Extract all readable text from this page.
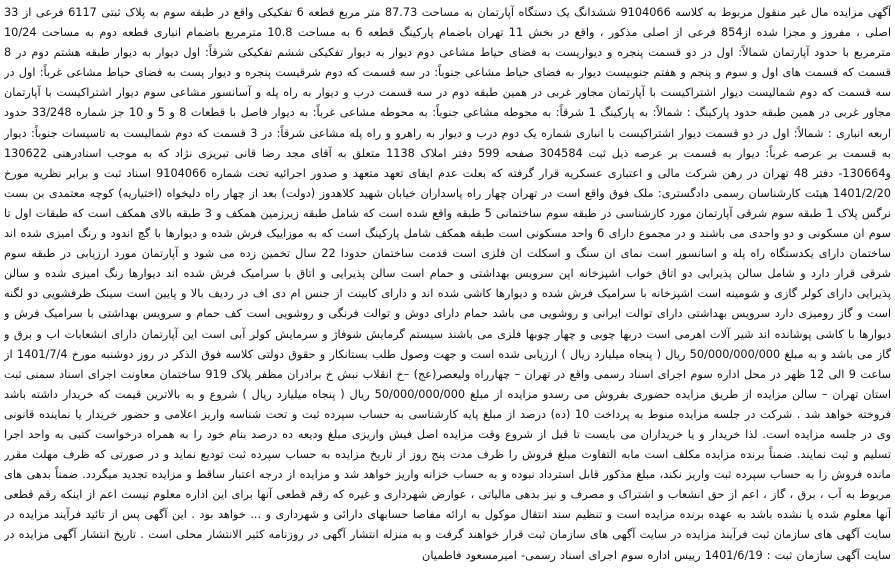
آگهی مزایده مال غیر منقول مربوط به کلاسه 9104066 ششدانگ یک دستگاه آپارتمان به مساحت 87.73 متر مربع قطعه 6 تفکیکی واقع در طبقه سوم به پلاک ثبتی 6117 فرعی از 33 اصلی ، مفروز و مجزا شده از854 فرعی از اصلی مذکور ، واقع در بخش 11 تهران باضمام پارکینگ قطعه 6 به مساحت 10.8 مترمربع باضمام انباری قطعه دوم به مساحت 10/24 مترمربع با حدود آپارتمان شمالاً: اول در دو قسمت پنجره و دیواریست به فضای حیاط مشاعی دوم دیوار به دیوار تفکیکی ششم تفکیکی شرقاً: اول دیوار به دیوار طبقه هشتم دوم در 8 قسمت که قسمت های اول و سوم و پنجم و هفتم جنوبیست دیوار به فضای حیاط مشاعی جنوباً: در سه قسمت که دوم شرقیست پنجره و دیوار پست به فضای حیاط مشاعی غرباً: اول در سه قسمت که دوم شمالیست دیوار اشتراکیست با آپارتمان مجاور غربی در همین طبقه دوم در سه قسمت درب و دیوار به راه پله و آسانسور مشاعی سوم دیوار اشتراکیست با آپارتمان مجاور غربی در همین طبقه حدود پارکینگ : شمالاً: به پارکینگ 1 شرقاً: به محوطه مشاعی جنوباً: به محوطه مشاعی غرباً: به دیوار فاصل با قطعات 8 و 5 و 10 جز شماره 33/248 حدود اربعه انباری : شمالاً: اول در دو قسمت دیوار اشتراکیست با انباری شماره یک دوم درب و دیوار به راهرو و راه پله مشاعی شرقاً: در 3 قسمت که دوم شمالیست به تاسیسات جنوباً: دیوار به قسمت بر عرصه غرباً: دیوار به قسمت بر عرصه ذیل ثبت 304584 صفحه 599 دفتر املاک 1138 متعلق به آقای مجد رضا قانی تبریزی نژاد که به موجب اسنادرهنی 130622 و130664- دفتر 48 تهران در رهن شرکت مالی و اعتباری عسکریه قرار گرفته که بعلت عدم ایفای تعهد متعهد و صدور اجرائیه تحت شماره 9104066 اسناد ثبت و برابر نظریه مورخ 1401/2/20 هیئت کارشناسان رسمی دادگستری: ملک فوق واقع است در تهران چهار راه پاسداران خیابان شهید کلاهدوز (دولت) بعد از چهار راه دلیخواه (اختیاریه) کوچه معتمدی بن بست نرگس پلاک 1 طبقه سوم شرقی آپارتمان مورد کارشناسی در طبقه سوم ساختمانی 5 طبقه واقع شده است که شامل طبقه زیرزمین همکف و 3 طبقه بالای همکف است که طبقات اول تا سوم ان مسکونی و دو واحدی می باشند و در مجموع دارای 6 واحد مسکونی است طبقه همکف شامل پارکینگ است که به موزاییک فرش شده و دیوارها با گچ اندود و رنگ امیزی شده اند ساختمان دارای یکدستگاه راه پله و اسانسور است نمای ان سنگ و اسکلت ان فلزی است قدمت ساختمان حدودا 22 سال تخمین زده می شود و آپارتمان مورد ارزیابی در طبقه سوم شرقی قرار دارد و شامل سالن پذیرایی دو اتاق خواب اشپزخانه اپن سرویس بهداشتی و حمام است سالن پذیرایی و اتاق با سرامیک فرش شده اند دیوارها رنگ امیزی شده و سالن پذیرایی دارای کولر گازی و شومینه است اشپزخانه با سرامیک فرش شده و دیوارها کاشی شده اند و دارای کابینت از جنس ام دی اف در ردیف بالا و پایین است سینک ظرفشویی دو لگنه است و گاز رومیزی دارد سرویس بهداشتی دارای توالت ایرانی و روشویی می باشد حمام دارای دوش و توالت فرنگی و روشویی است کف حمام و سرویس بهداشتی با سرامیک فرش و دیوارها با کاشی پوشانده اند شیر آلات اهرمی است دربها چوبی و چهار چوبها فلزی می باشند سیستم گرمایش شوفاژ و سرمایش کولر آبی است این آپارتمان دارای انشعابات اب و برق و گاز می باشد و به مبلغ 50/000/000/000 ریال ( پنجاه میلیارد ریال ) ارزیابی شده است و جهت وصول طلب بستانکار و حقوق دولتی کلاسه فوق الذکر در روز دوشنبه مورخ 1401/7/4 از ساعت 9 الی 12 ظهر در محل اداره سوم اجرای اسناد رسمی واقع در تهران – چهارراه ولیعصر(عج) –خ انقلاب نبش خ برادران مظفر پلاک 919 ساختمان معاونت اجرای اسناد سمنی ثبت استان تهران – سالن مزایده از طریق مزایده حضوری بفروش می رسدو مزایده از مبلغ 50/000/000/000 ریال ( پنجاه میلیارد ریال ) شروع و به بالاترین قیمت که خریدار داشته باشد فروخته خواهد شد . شرکت در جلسه مزایده منوط به پرداخت 10 (ده) درصد از مبلغ پایه کارشناسی به حساب سپرده ثبت و تحت شناسه واریز اعلامی و حضور خریدار یا نماینده قانونی وی در جلسه مزایده است. لذا خریدار و یا خریداران می بایست تا قبل از شروع وقت مزایده اصل فیش واریزی مبلغ ودیعه ده درصد بنام خود را به همراه درخواست کتبی به واحد اجرا تسلیم و ثبت نمایند. ضمناً برنده مزایده مکلف است مابه التفاوت مبلغ فروش را ظرف مدت پنج روز از تاریخ مزایده به حساب سپرده ثبت تودیع نماید و در صورتی که ظرف مهلت مقرر مانده فروش را به حساب سپرده ثبت واریز نکند، مبلغ مذکور قابل استرداد نبوده و به حساب خزانه واریز خواهد شد و مزایده از درجه اعتبار ساقط و مزایده تجدید میگردد. ضمناً بدهی های مربوط به آب ، برق ، گاز ، اعم از حق انشعاب و اشتراک و مصرف و نیز بدهی مالیاتی ، عوارض شهرداری و غیره که رقم قطعی آنها برای این اداره معلوم نیست اعم از اینکه رقم قطعی آنها معلوم شده یا نشده باشد به عهده برنده مزایده است و تنظیم سند انتقال موکول به ارائه مفاصا حسابهای دارائی و شهرداری و ... خواهد بود . این آگهی پس از تائید فرآیند مزایده در سایت آگهی های سازمان ثبت فرآیند مزایده در سایت آگهی های سازمان ثبت قرار خواهند گرفت و به منزله انتشار آگهی در روزنامه کثیر الانتشار محلی است . تاریخ انتشار آگهی مزایده در سایت آگهی سازمان ثبت : 1401/6/19 رییس اداره سوم اجرای اسناد رسمی- امیرمسعود فاطمیان
